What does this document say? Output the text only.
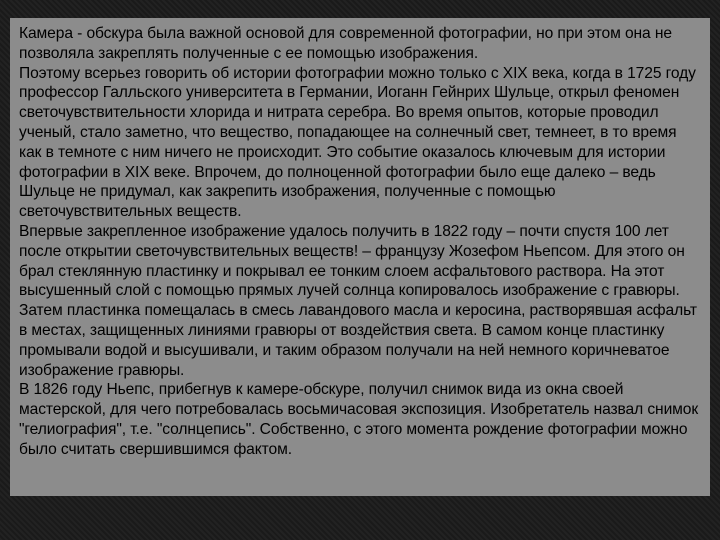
Камера - обскура была важной основой для современной фотографии, но при этом она не позволяла закреплять полученные с ее помощью изображения.

Поэтому всерьез говорить об истории фотографии можно только с XIX века, когда в 1725 году профессор Галльского университета в Германии, Иоганн Гейнрих Шульце, открыл феномен светочувствительности хлорида и нитрата серебра. Во время опытов, которые проводил ученый, стало заметно, что вещество, попадающее на солнечный свет, темнеет, в то время как в темноте с ним ничего не происходит. Это событие оказалось ключевым для истории фотографии в XIX веке. Впрочем, до полноценной фотографии было еще далеко – ведь Шульце не придумал, как закрепить изображения, полученные с помощью светочувствительных веществ.

Впервые закрепленное изображение удалось получить в 1822 году – почти спустя 100 лет после открытии светочувствительных веществ! – французу Жозефом Ньепсом. Для этого он брал стеклянную пластинку и покрывал ее тонким слоем асфальтового раствора. На этот высушенный слой с помощью прямых лучей солнца копировалось изображение с гравюры. Затем пластинка помещалась в смесь лавандового масла и керосина, растворявшая асфальт в местах, защищенных линиями гравюры от воздействия света. В самом конце пластинку промывали водой и высушивали, и таким образом получали на ней немного коричневатое изображение гравюры.

В 1826 году Ньепс, прибегнув к камере-обскуре, получил снимок вида из окна своей мастерской, для чего потребовалась восьмичасовая экспозиция. Изобретатель назвал снимок "гелиография", т.е. "солнцепись". Собственно, с этого момента рождение фотографии можно было считать свершившимся фактом.
